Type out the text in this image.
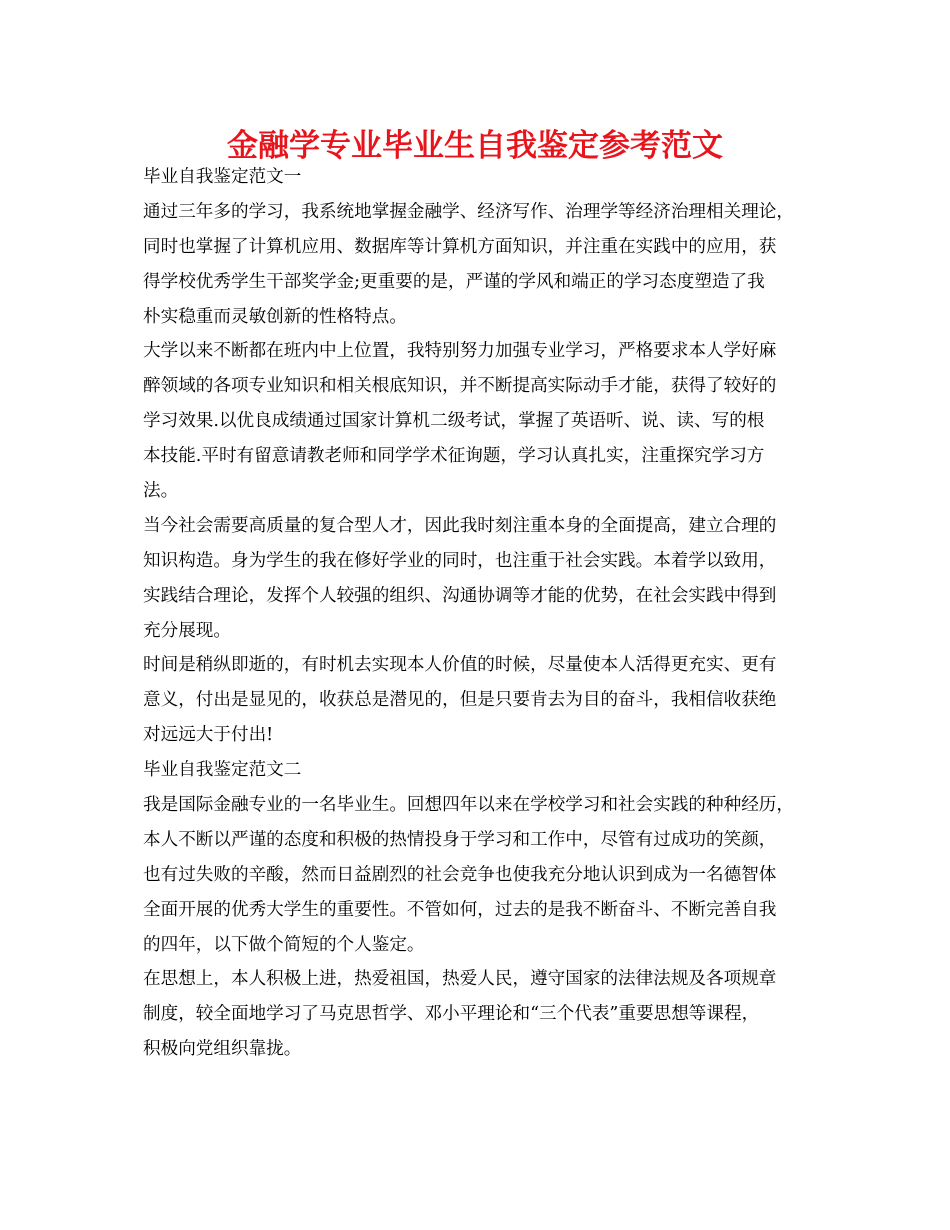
金融学专业毕业生自我鉴定参考范文
毕业自我鉴定范文一
通过三年多的学习，我系统地掌握金融学、经济写作、治理学等经济治理相关理论，
同时也掌握了计算机应用、数据库等计算机方面知识，并注重在实践中的应用，获
得学校优秀学生干部奖学金;更重要的是，严谨的学风和端正的学习态度塑造了我
朴实稳重而灵敏创新的性格特点。
大学以来不断都在班内中上位置，我特别努力加强专业学习，严格要求本人学好麻
醉领域的各项专业知识和相关根底知识，并不断提高实际动手才能，获得了较好的
学习效果.以优良成绩通过国家计算机二级考试，掌握了英语听、说、读、写的根
本技能.平时有留意请教老师和同学学术征询题，学习认真扎实，注重探究学习方
法。
当今社会需要高质量的复合型人才，因此我时刻注重本身的全面提高，建立合理的
知识构造。身为学生的我在修好学业的同时，也注重于社会实践。本着学以致用，
实践结合理论，发挥个人较强的组织、沟通协调等才能的优势，在社会实践中得到
充分展现。
时间是稍纵即逝的，有时机去实现本人价值的时候，尽量使本人活得更充实、更有
意义，付出是显见的，收获总是潜见的，但是只要肯去为目的奋斗，我相信收获绝
对远远大于付出!
毕业自我鉴定范文二
我是国际金融专业的一名毕业生。回想四年以来在学校学习和社会实践的种种经历，
本人不断以严谨的态度和积极的热情投身于学习和工作中，尽管有过成功的笑颜，
也有过失败的辛酸，然而日益剧烈的社会竞争也使我充分地认识到成为一名德智体
全面开展的优秀大学生的重要性。不管如何，过去的是我不断奋斗、不断完善自我
的四年，以下做个简短的个人鉴定。
在思想上，本人积极上进，热爱祖国，热爱人民，遵守国家的法律法规及各项规章
制度，较全面地学习了马克思哲学、邓小平理论和“三个代表”重要思想等课程，
积极向党组织靠拢。
